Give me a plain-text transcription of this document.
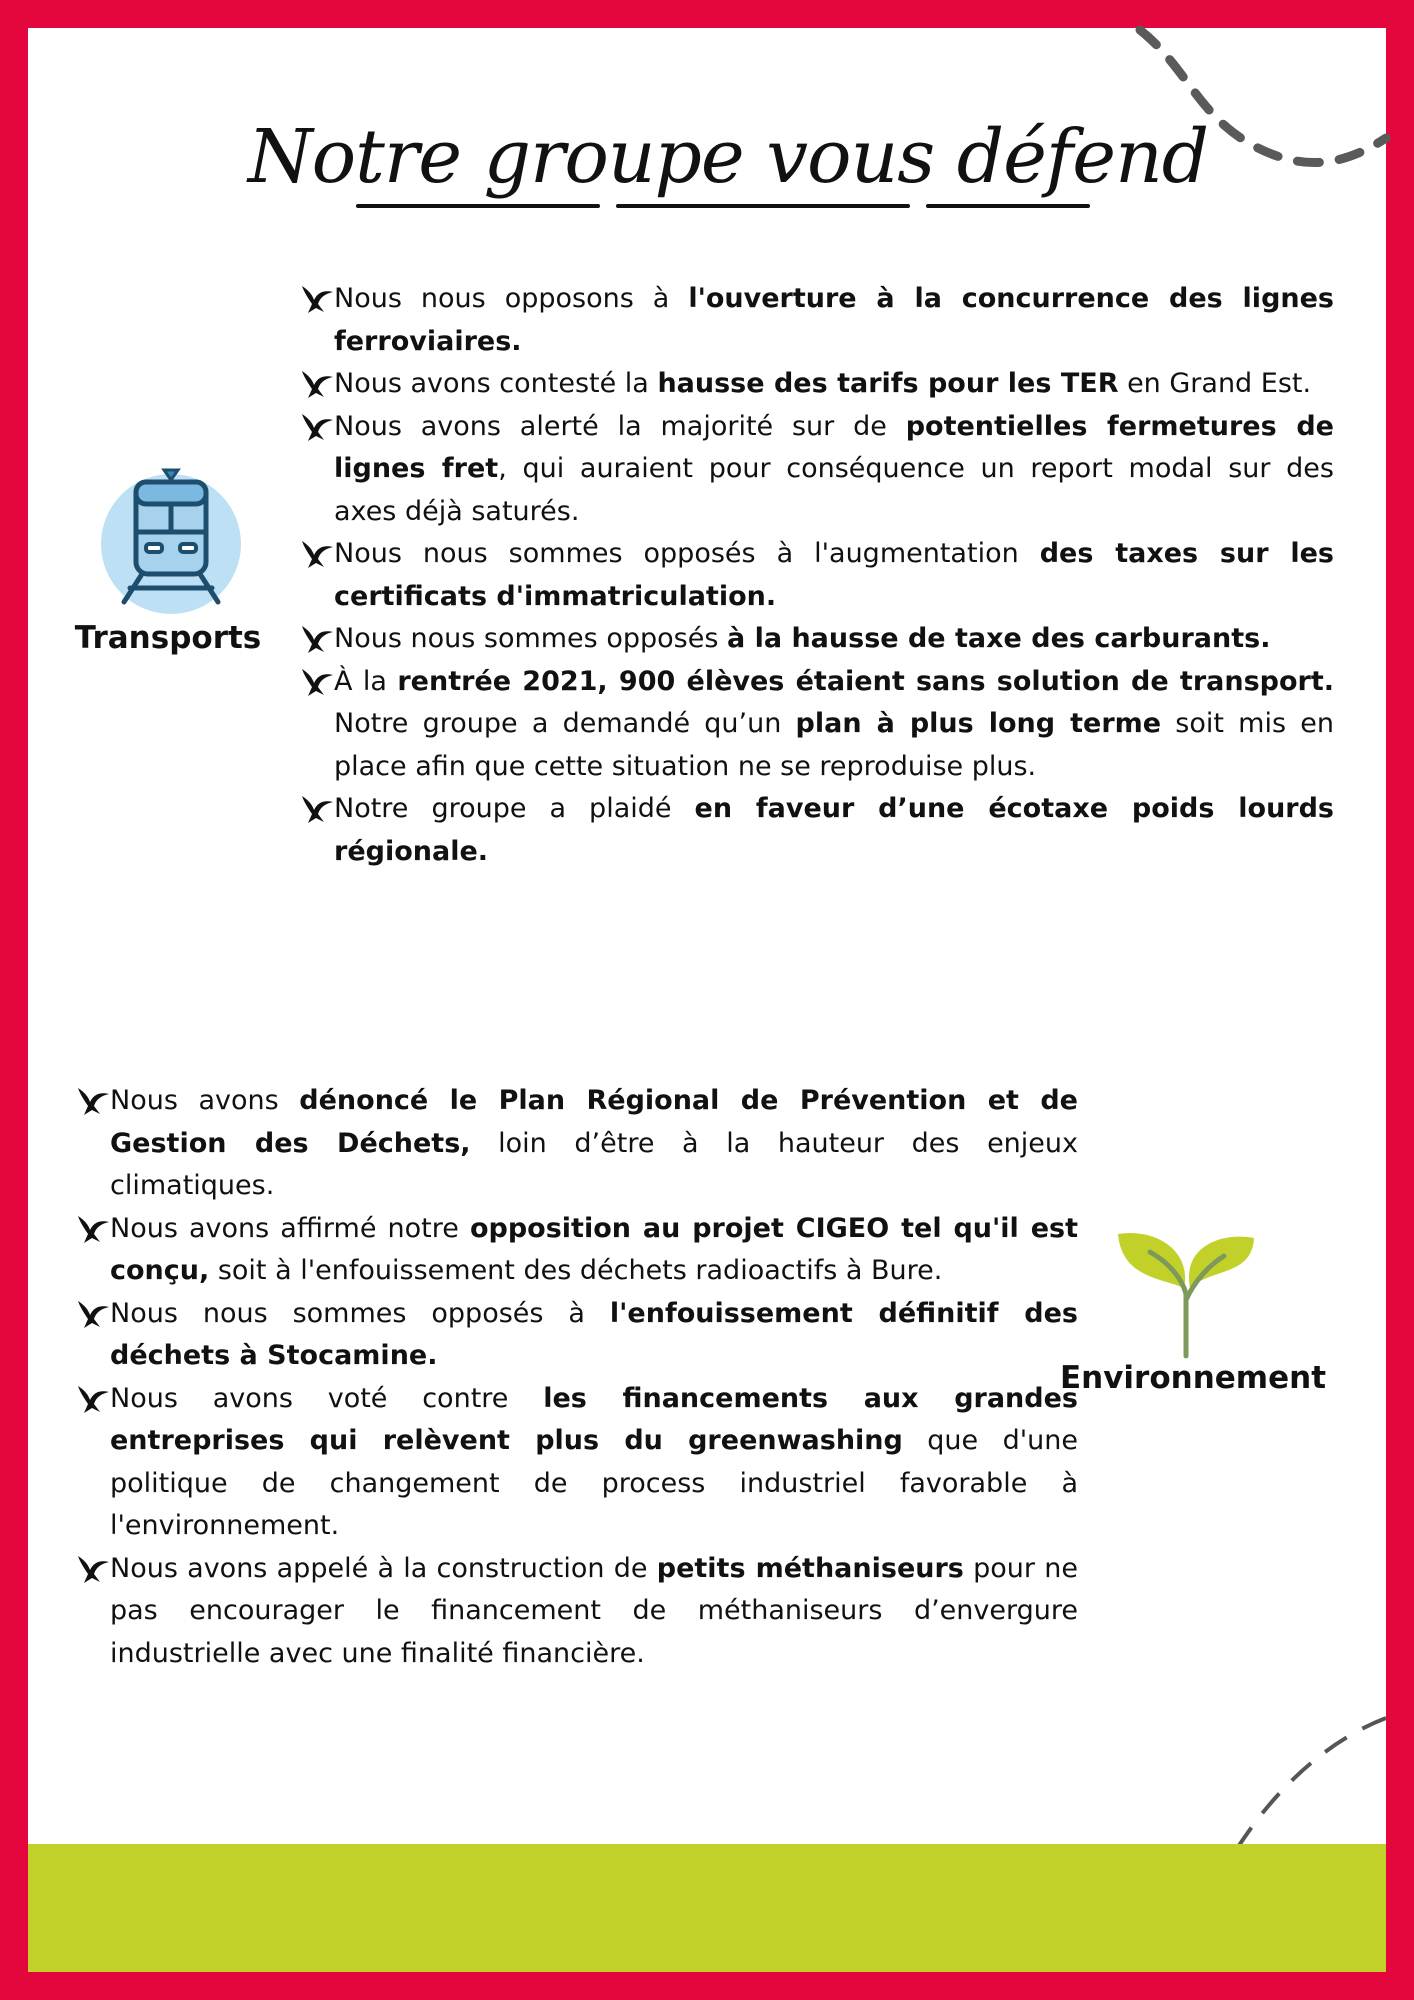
Notre groupe vous défend
Transports
Nous nous opposons à l'ouverture à la concurrence des lignes ferroviaires.
Nous avons contesté la hausse des tarifs pour les TER en Grand Est.
Nous avons alerté la majorité sur de potentielles fermetures de lignes fret, qui auraient pour conséquence un report modal sur des axes déjà saturés.
Nous nous sommes opposés à l'augmentation des taxes sur les certificats d'immatriculation.
Nous nous sommes opposés à la hausse de taxe des carburants.
À la rentrée 2021, 900 élèves étaient sans solution de transport. Notre groupe a demandé qu’un plan à plus long terme soit mis en place afin que cette situation ne se reproduise plus.
Notre groupe a plaidé en faveur d’une écotaxe poids lourds régionale.
Environnement
Nous avons dénoncé le Plan Régional de Prévention et de Gestion des Déchets, loin d’être à la hauteur des enjeux climatiques.
Nous avons affirmé notre opposition au projet CIGEO tel qu'il est conçu, soit à l'enfouissement des déchets radioactifs à Bure.
Nous nous sommes opposés à l'enfouissement définitif des déchets à Stocamine.
Nous avons voté contre les financements aux grandes entreprises qui relèvent plus du greenwashing que d'une politique de changement de process industriel favorable à l'environnement.
Nous avons appelé à la construction de petits méthaniseurs pour ne pas encourager le financement de méthaniseurs d’envergure industrielle avec une finalité financière.
